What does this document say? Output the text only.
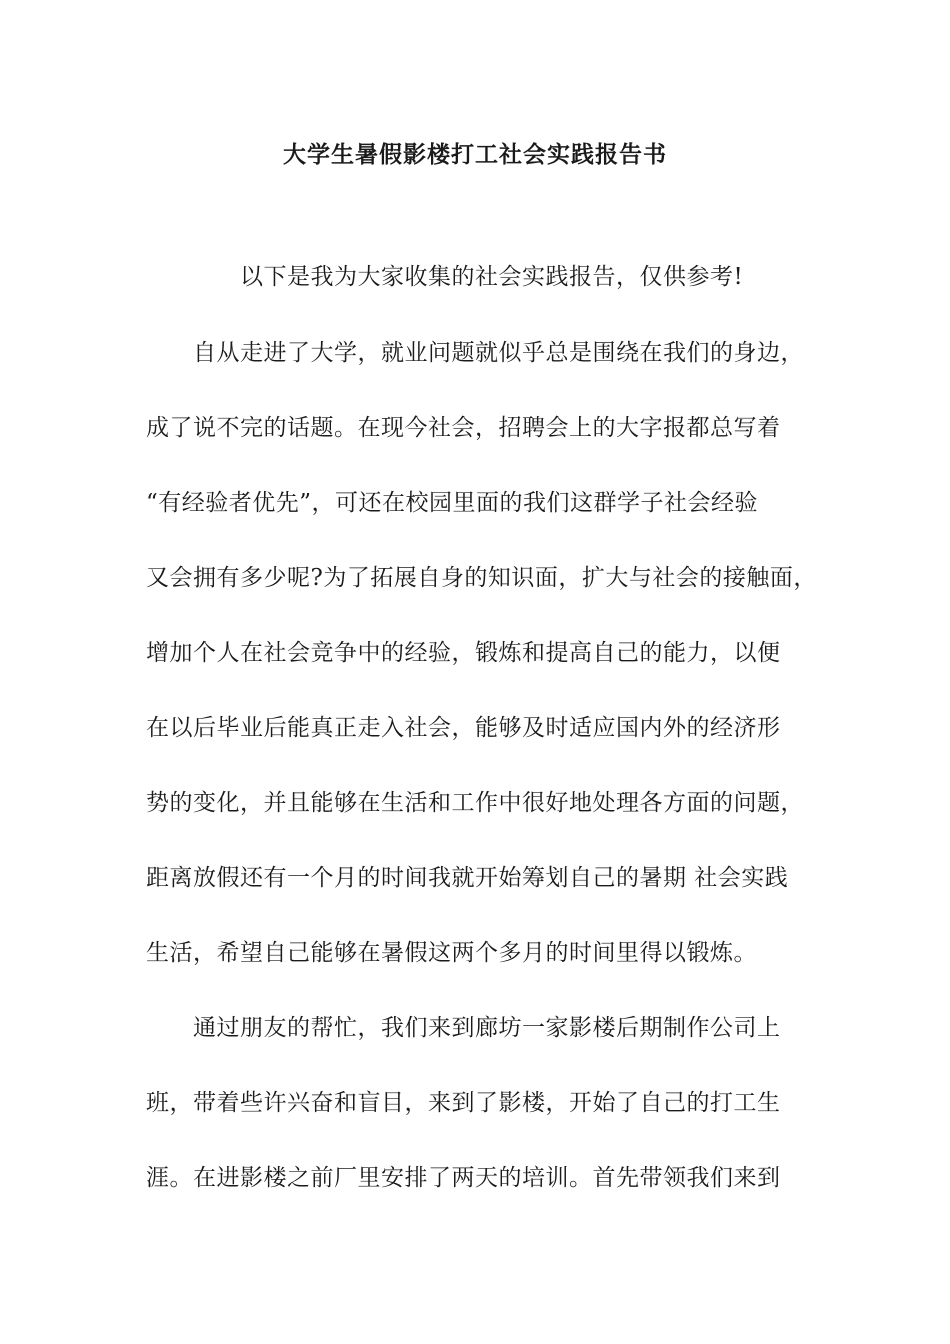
大学生暑假影楼打工社会实践报告书
以下是我为大家收集的社会实践报告，仅供参考!
自从走进了大学，就业问题就似乎总是围绕在我们的身边，
成了说不完的话题。在现今社会，招聘会上的大字报都总写着
“有经验者优先”，可还在校园里面的我们这群学子社会经验
又会拥有多少呢?为了拓展自身的知识面，扩大与社会的接触面，
增加个人在社会竞争中的经验，锻炼和提高自己的能力，以便
在以后毕业后能真正走入社会，能够及时适应国内外的经济形
势的变化，并且能够在生活和工作中很好地处理各方面的问题，
距离放假还有一个月的时间我就开始筹划自己的暑期 社会实践
生活，希望自己能够在暑假这两个多月的时间里得以锻炼。
通过朋友的帮忙，我们来到廊坊一家影楼后期制作公司上
班，带着些许兴奋和盲目，来到了影楼，开始了自己的打工生
涯。在进影楼之前厂里安排了两天的培训。首先带领我们来到
